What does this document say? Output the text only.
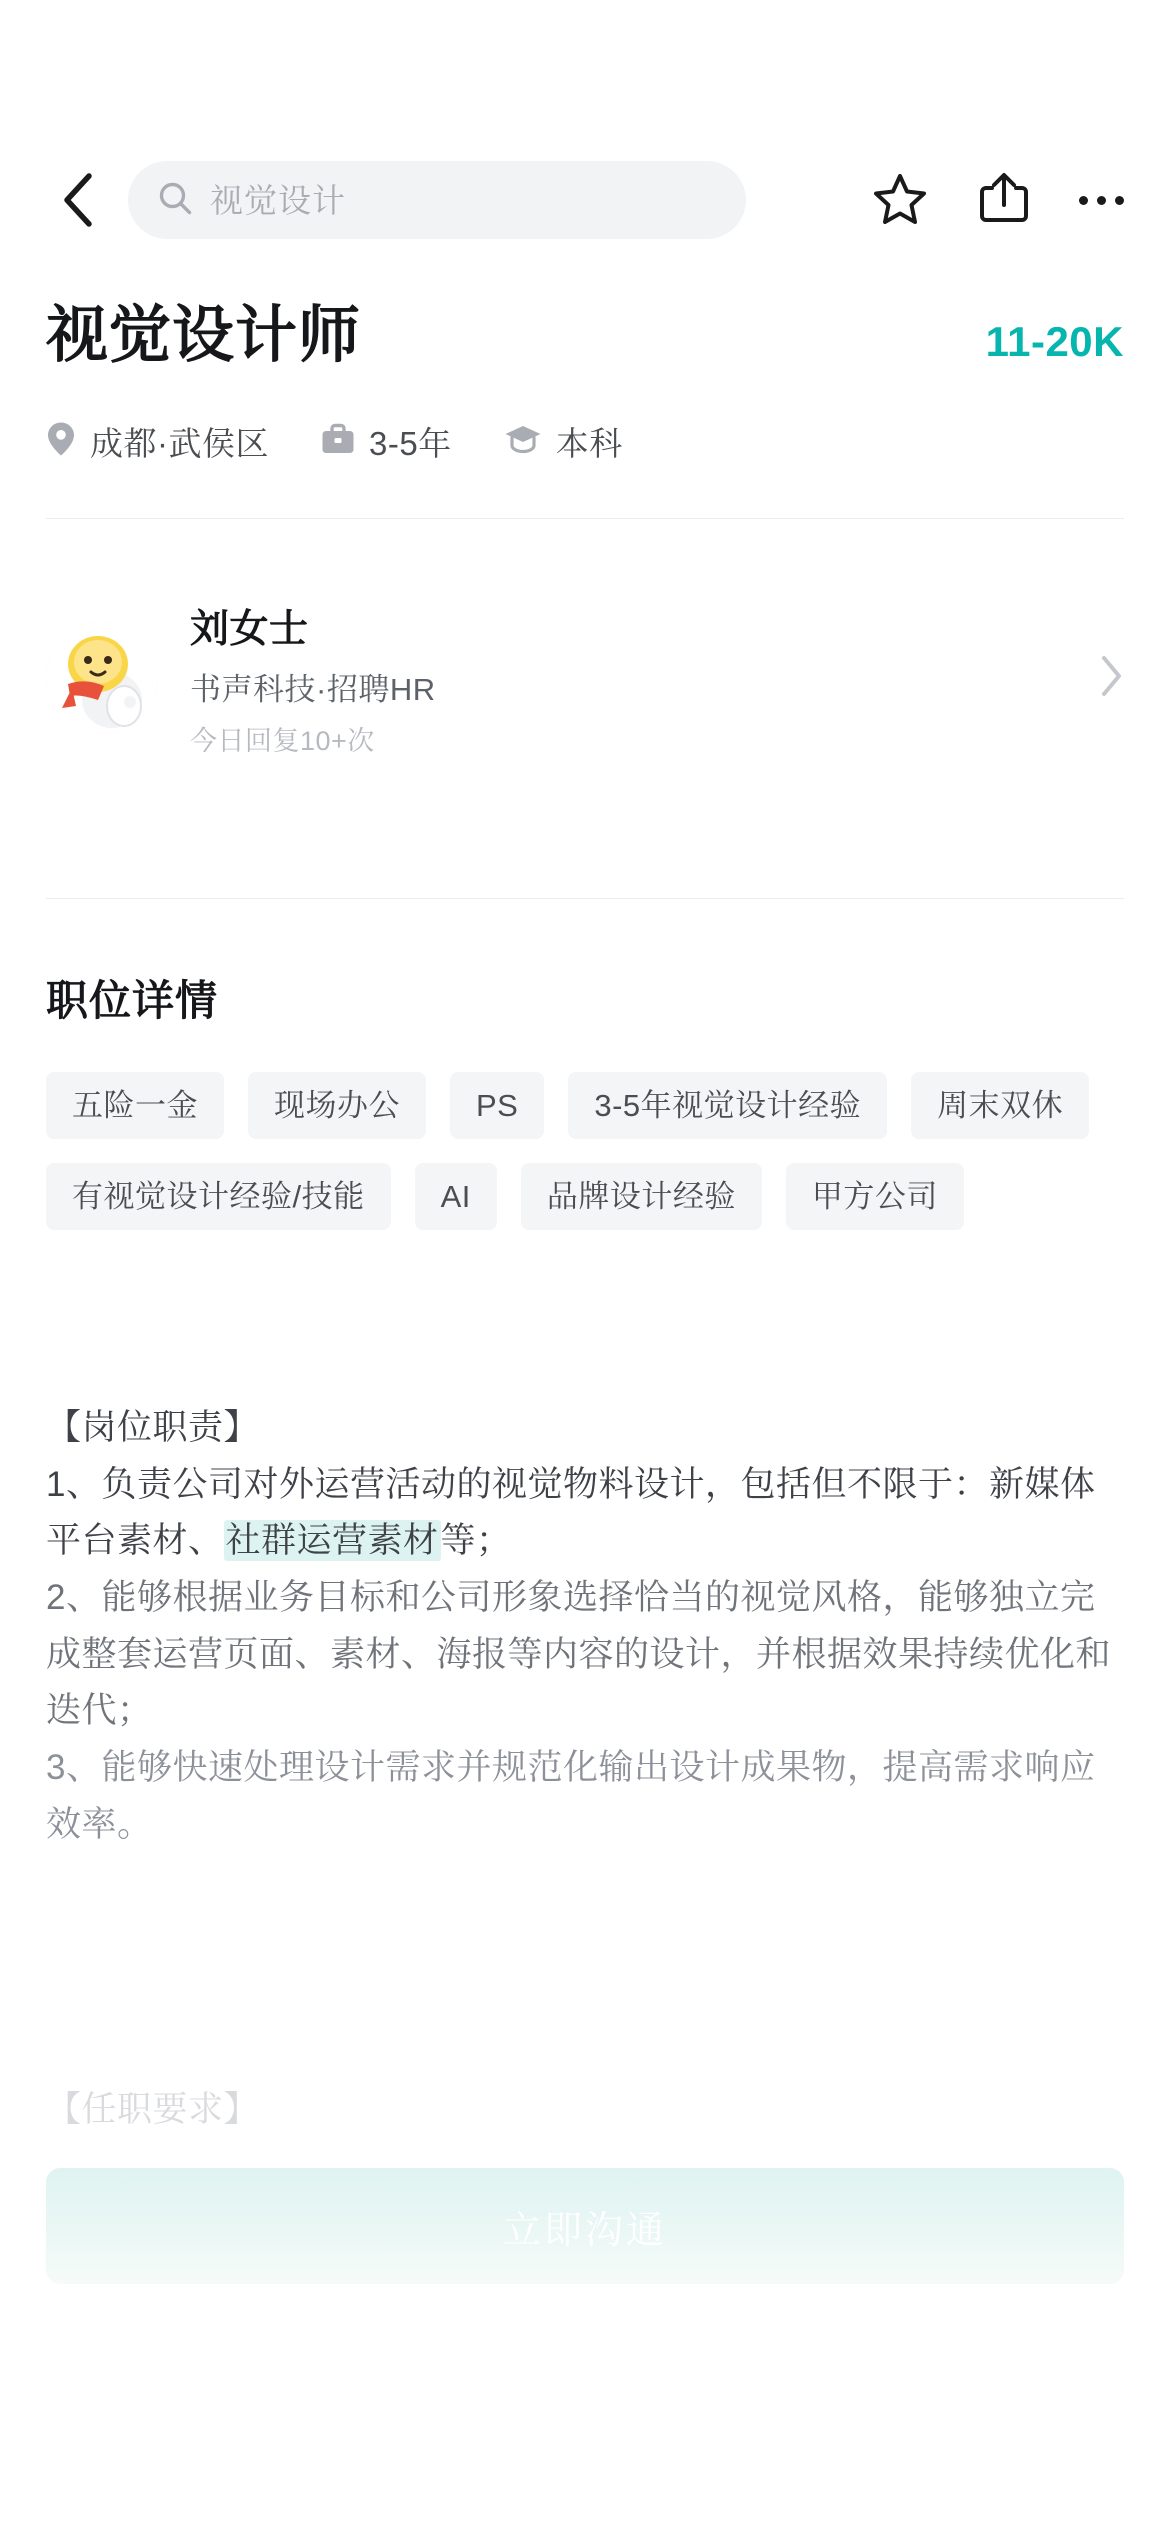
视觉设计
视觉设计师	11-20K
成都·武侯区	3-5年	本科
刘女士
书声科技·招聘HR
今日回复10+次
职位详情
五险一金	现场办公	PS	3-5年视觉设计经验	周末双休
有视觉设计经验/技能	AI	品牌设计经验	甲方公司

【岗位职责】

1、负责公司对外运营活动的视觉物料设计，包括但不限于：新媒体平台素材、社群运营素材等；

2、能够根据业务目标和公司形象选择恰当的视觉风格，能够独立完成整套运营页面、素材、海报等内容的设计，并根据效果持续优化和迭代；

3、能够快速处理设计需求并规范化输出设计成果物，提高需求响应效率。

【任职要求】
立即沟通
